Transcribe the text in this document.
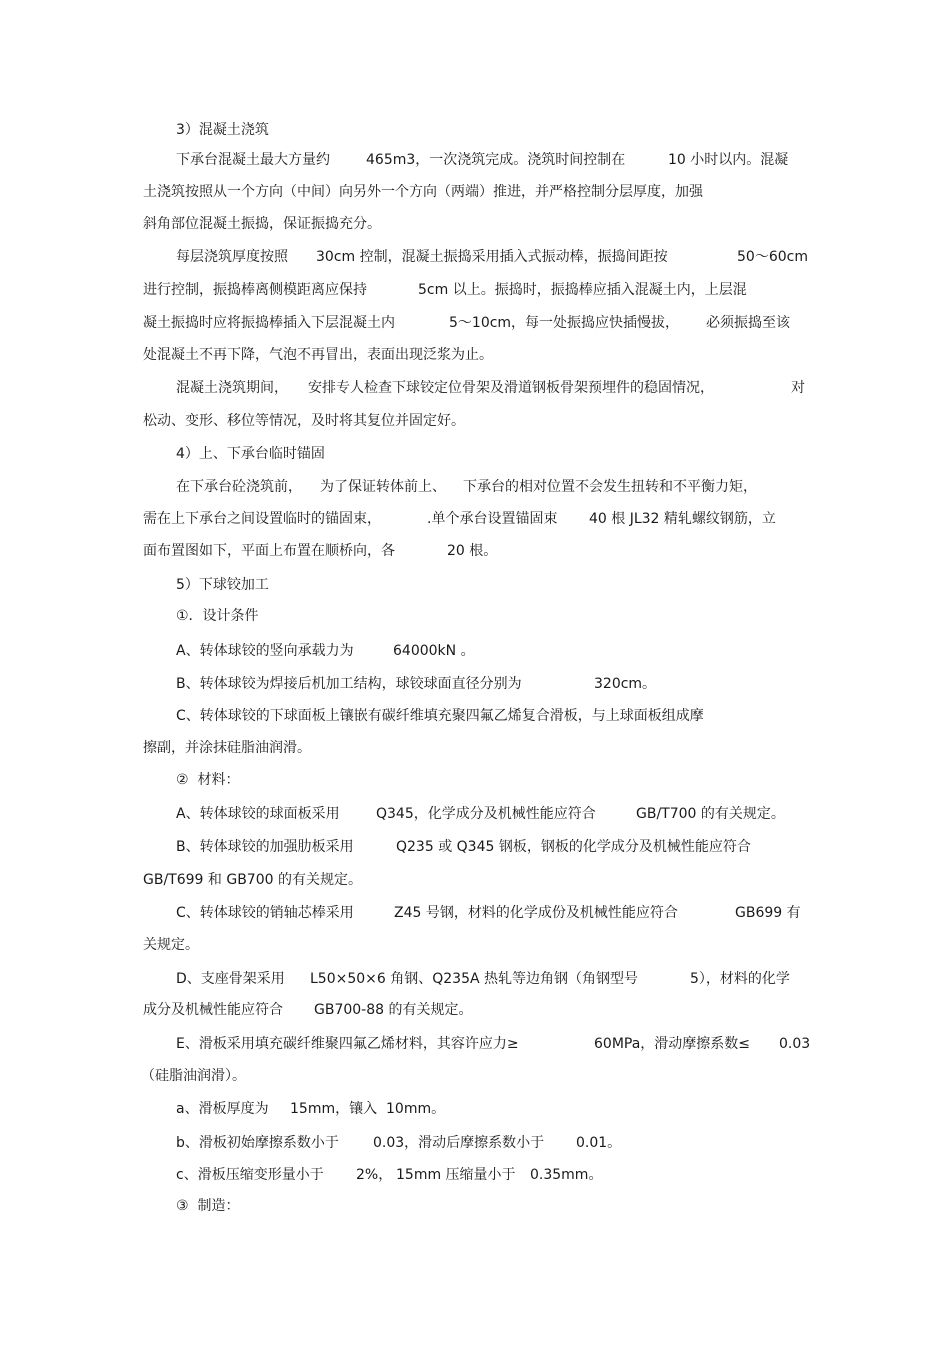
3）混凝土浇筑

下承台混凝土最大方量约

	465m3，一次浇筑完成。浇筑时间控制在

	10 小时以内。混凝

土浇筑按照从一个方向（中间）向另外一个方向（两端）推进，并严格控制分层厚度，加强

斜角部位混凝土振捣，保证振捣充分。

每层浇筑厚度按照

30cm 控制，混凝土振捣采用插入式振动棒，振捣间距按

	50～60cm

进行控制，振捣棒离侧模距离应保持

	5cm 以上。振捣时，振捣棒应插入混凝土内，上层混

凝土振捣时应将振捣棒插入下层混凝土内

	5～10cm，每一处振捣应快插慢拔，

必须振捣至该

处混凝土不再下降，气泡不再冒出，表面出现泛浆为止。

混凝土浇筑期间，

安排专人检查下球铰定位骨架及滑道钢板骨架预埋件的稳固情况，

	对

松动、变形、移位等情况，及时将其复位并固定好。

4）上、下承台临时锚固

在下承台砼浇筑前，

为了保证转体前上、

下承台的相对位置不会发生扭转和不平衡力矩，

需在上下承台之间设置临时的锚固束，

	.单个承台设置锚固束

40 根 JL32 精轧螺纹钢筋，立

面布置图如下，平面上布置在顺桥向，各

	20 根。

5）下球铰加工

①．设计条件

A、转体球铰的竖向承载力为

	64000kN 。

B、转体球铰为焊接后机加工结构，球铰球面直径分别为

	320cm。

C、转体球铰的下球面板上镶嵌有碳纤维填充聚四氟乙烯复合滑板，与上球面板组成摩

擦副，并涂抹硅脂油润滑。

②  材料：

A、转体球铰的球面板采用

	Q345，化学成分及机械性能应符合

	GB/T700 的有关规定。

B、转体球铰的加强肋板采用

	Q235 或 Q345 钢板，钢板的化学成分及机械性能应符合

GB/T699 和 GB700 的有关规定。

C、转体球铰的销轴芯棒采用

	Z45 号钢，材料的化学成份及机械性能应符合

	GB699 有

关规定。

D、支座骨架采用

L50×50×6 角钢、Q235A 热轧等边角钢（角钢型号

	5），材料的化学

成分及机械性能应符合

GB700-88 的有关规定。

E、滑板采用填充碳纤维聚四氟乙烯材料，其容许应力≥

	60MPa，滑动摩擦系数≤

0.03

（硅脂油润滑）。

a、滑板厚度为

15mm，镶入

10mm。

b、滑板初始摩擦系数小于

0.03，滑动后摩擦系数小于

0.01。

c、滑板压缩变形量小于

2%，

15mm 压缩量小于

0.35mm。

③  制造：
